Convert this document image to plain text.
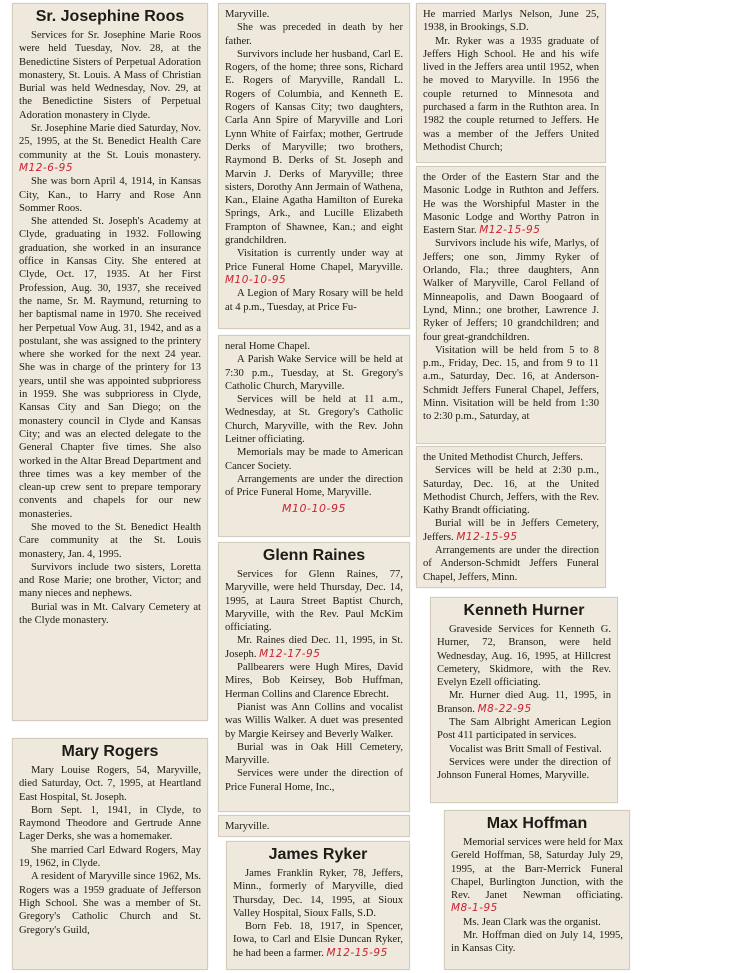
Sr. Josephine Roos

Services for Sr. Josephine Marie Roos were held Tuesday, Nov. 28, at the Benedictine Sisters of Perpetual Adoration monastery, St. Louis. A Mass of Christian Burial was held Wednesday, Nov. 29, at the Benedictine Sisters of Perpetual Adoration monastery in Clyde.

Sr. Josephine Marie died Saturday, Nov. 25, 1995, at the St. Benedict Health Care community at the St. Louis monastery. M12-6-95

She was born April 4, 1914, in Kansas City, Kan., to Harry and Rose Ann Sommer Roos.

She attended St. Joseph's Academy at Clyde, graduating in 1932. Following graduation, she worked in an insurance office in Kansas City. She entered at Clyde, Oct. 17, 1935. At her First Profession, Aug. 30, 1937, she received the name, Sr. M. Raymund, returning to her baptismal name in 1970. She received her Perpetual Vow Aug. 31, 1942, and as a postulant, she was assigned to the printery where she worked for the next 24 year. She was in charge of the printery for 13 years, until she was appointed subprioress in 1959. She was subprioress in Clyde, Kansas City and San Diego; on the monastery council in Clyde and Kansas City; and was an elected delegate to the General Chapter five times. She also worked in the Altar Bread Department and three times was a key member of the clean-up crew sent to prepare temporary convents and chapels for our new monasteries.

She moved to the St. Benedict Health Care community at the St. Louis monastery, Jan. 4, 1995.

Survivors include two sisters, Loretta and Rose Marie; one brother, Victor; and many nieces and nephews.

Burial was in Mt. Calvary Cemetery at the Clyde monastery.

Mary Rogers

Mary Louise Rogers, 54, Maryville, died Saturday, Oct. 7, 1995, at Heartland East Hospital, St. Joseph.

Born Sept. 1, 1941, in Clyde, to Raymond Theodore and Gertrude Anne Lager Derks, she was a homemaker.

She married Carl Edward Rogers, May 19, 1962, in Clyde.

A resident of Maryville since 1962, Ms. Rogers was a 1959 graduate of Jefferson High School. She was a member of St. Gregory's Catholic Church and St. Gregory's Guild,

Maryville.

She was preceded in death by her father.

Survivors include her husband, Carl E. Rogers, of the home; three sons, Richard E. Rogers of Maryville, Randall L. Rogers of Columbia, and Kenneth E. Rogers of Kansas City; two daughters, Carla Ann Spire of Maryville and Lori Lynn White of Fairfax; mother, Gertrude Derks of Maryville; two brothers, Raymond B. Derks of St. Joseph and Marvin J. Derks of Maryville; three sisters, Dorothy Ann Jermain of Wathena, Kan., Elaine Agatha Hamilton of Eureka Springs, Ark., and Lucille Elizabeth Frampton of Shawnee, Kan.; and eight grandchildren.

Visitation is currently under way at Price Funeral Home Chapel, Maryville. M10-10-95

A Legion of Mary Rosary will be held at 4 p.m., Tuesday, at Price Fu-

neral Home Chapel.

A Parish Wake Service will be held at 7:30 p.m., Tuesday, at St. Gregory's Catholic Church, Maryville.

Services will be held at 11 a.m., Wednesday, at St. Gregory's Catholic Church, Maryville, with the Rev. John Leitner officiating.

Memorials may be made to American Cancer Society.

Arrangements are under the direction of Price Funeral Home, Maryville.

M10-10-95
Glenn Raines

Services for Glenn Raines, 77, Maryville, were held Thursday, Dec. 14, 1995, at Laura Street Baptist Church, Maryville, with the Rev. Paul McKim officiating.

Mr. Raines died Dec. 11, 1995, in St. Joseph. M12-17-95

Pallbearers were Hugh Mires, David Mires, Bob Keirsey, Bob Huffman, Herman Collins and Clarence Ebrecht.

Pianist was Ann Collins and vocalist was Willis Walker. A duet was presented by Margie Keirsey and Beverly Walker.

Burial was in Oak Hill Cemetery, Maryville.

Services were under the direction of Price Funeral Home, Inc.,

Maryville.

James Ryker

James Franklin Ryker, 78, Jeffers, Minn., formerly of Maryville, died Thursday, Dec. 14, 1995, at Sioux Valley Hospital, Sioux Falls, S.D.

Born Feb. 18, 1917, in Spencer, Iowa, to Carl and Elsie Duncan Ryker, he had been a farmer. M12-15-95

He married Marlys Nelson, June 25, 1938, in Brookings, S.D.

Mr. Ryker was a 1935 graduate of Jeffers High School. He and his wife lived in the Jeffers area until 1952, when he moved to Maryville. In 1956 the couple returned to Minnesota and purchased a farm in the Ruthton area. In 1982 the couple returned to Jeffers. He was a member of the Jeffers United Methodist Church;

the Order of the Eastern Star and the Masonic Lodge in Ruthton and Jeffers. He was the Worshipful Master in the Masonic Lodge and Worthy Patron in Eastern Star. M12-15-95

Survivors include his wife, Marlys, of Jeffers; one son, Jimmy Ryker of Orlando, Fla.; three daughters, Ann Walker of Maryville, Carol Felland of Minneapolis, and Dawn Boogaard of Lynd, Minn.; one brother, Lawrence J. Ryker of Jeffers; 10 grandchildren; and four great-grandchildren.

Visitation will be held from 5 to 8 p.m., Friday, Dec. 15, and from 9 to 11 a.m., Saturday, Dec. 16, at Anderson-Schmidt Jeffers Funeral Chapel, Jeffers, Minn. Visitation will be held from 1:30 to 2:30 p.m., Saturday, at

the United Methodist Church, Jeffers.

Services will be held at 2:30 p.m., Saturday, Dec. 16, at the United Methodist Church, Jeffers, with the Rev. Kathy Brandt officiating.

Burial will be in Jeffers Cemetery, Jeffers. M12-15-95

Arrangements are under the direction of Anderson-Schmidt Jeffers Funeral Chapel, Jeffers, Minn.

Kenneth Hurner

Graveside Services for Kenneth G. Hurner, 72, Branson, were held Wednesday, Aug. 16, 1995, at Hillcrest Cemetery, Skidmore, with the Rev. Evelyn Ezell officiating.

Mr. Hurner died Aug. 11, 1995, in Branson. M8-22-95

The Sam Albright American Legion Post 411 participated in services.

Vocalist was Britt Small of Festival.

Services were under the direction of Johnson Funeral Homes, Maryville.

Max Hoffman

Memorial services were held for Max Gereld Hoffman, 58, Saturday July 29, 1995, at the Barr-Merrick Funeral Chapel, Burlington Junction, with the Rev. Janet Newman officiating. M8-1-95

Ms. Jean Clark was the organist.

Mr. Hoffman died on July 14, 1995, in Kansas City.
